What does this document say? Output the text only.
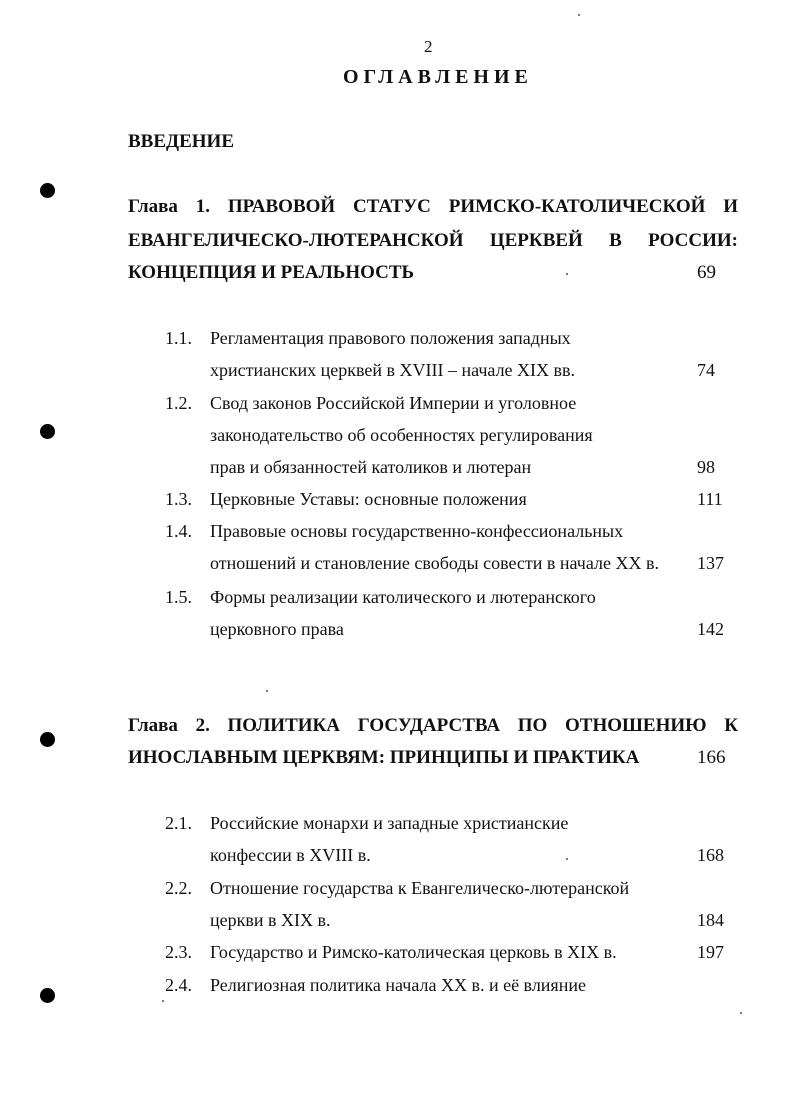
2
ОГЛАВЛЕНИЕ
ВВЕДЕНИЕ
Глава 1. ПРАВОВОЙ СТАТУС РИМСКО-КАТОЛИЧЕСКОЙ И
ЕВАНГЕЛИЧЕСКО-ЛЮТЕРАНСКОЙ ЦЕРКВЕЙ В РОССИИ:
КОНЦЕПЦИЯ И РЕАЛЬНОСТЬ	69
1.1. Регламентация правового положения западных
христианских церквей в XVIII – начале XIX вв.	74
1.2. Свод законов Российской Империи и уголовное
законодательство об особенностях регулирования
прав и обязанностей католиков и лютеран	98
1.3. Церковные Уставы: основные положения	111
1.4. Правовые основы государственно-конфессиональных
отношений и становление свободы совести в начале XX в. 137
1.5. Формы реализации католического и лютеранского
церковного права	142
Глава 2. ПОЛИТИКА ГОСУДАРСТВА ПО ОТНОШЕНИЮ К
ИНОСЛАВНЫМ ЦЕРКВЯМ: ПРИНЦИПЫ И ПРАКТИКА	166
2.1. Российские монархи и западные христианские
конфессии в XVIII в.	168
2.2. Отношение государства к Евангелическо-лютеранской
церкви в XIX в.	184
2.3. Государство и Римско-католическая церковь в XIX в.	197
2.4. Религиозная политика начала XX в. и её влияние
